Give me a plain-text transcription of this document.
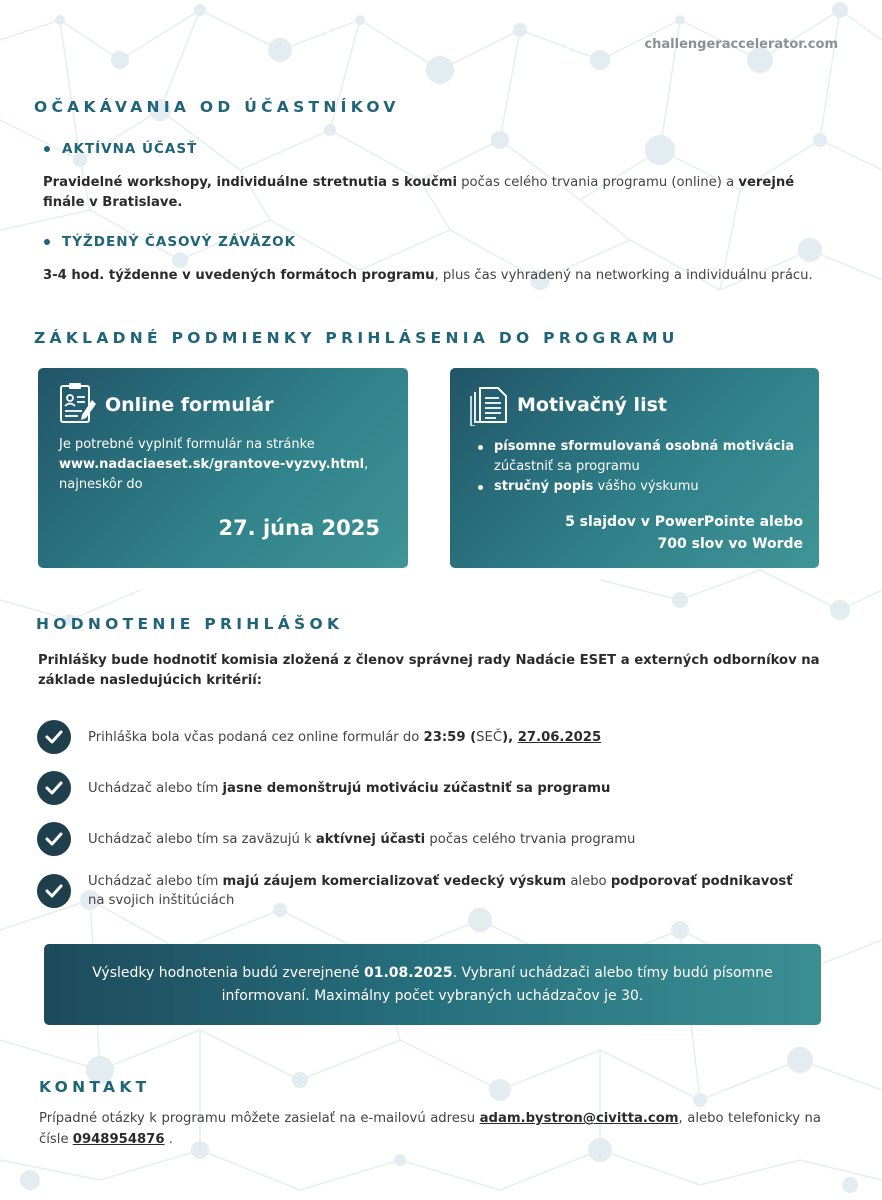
challengeraccelerator.com
OČAKÁVANIA OD ÚČASTNÍKOV
AKTÍVNA ÚČASŤ
Pravidelné workshopy, individuálne stretnutia s koučmi počas celého trvania programu (online) a verejné finále v Bratislave.
TÝŽDENÝ ČASOVÝ ZÁVÄZOK
3-4 hod. týždenne v uvedených formátoch programu, plus čas vyhradený na networking a individuálnu prácu.
ZÁKLADNÉ PODMIENKY PRIHLÁSENIA DO PROGRAMU
Online formulár
Je potrebné vyplniť formulár na stránke
www.nadaciaeset.sk/grantove-vyzvy.html,
najneskôr do
27. júna 2025
Motivačný list
písomne sformulovaná osobná motivácia
zúčastniť sa programu
stručný popis vášho výskumu
5 slajdov v PowerPointe alebo
700 slov vo Worde
HODNOTENIE PRIHLÁŠOK
Prihlášky bude hodnotiť komisia zložená z členov správnej rady Nadácie ESET a externých odborníkov na základe nasledujúcich kritérií:
Prihláška bola včas podaná cez online formulár do 23:59 (SEČ), 27.06.2025
Uchádzač alebo tím jasne demonštrujú motiváciu zúčastniť sa programu
Uchádzač alebo tím sa zaväzujú k aktívnej účasti počas celého trvania programu
Uchádzač alebo tím majú záujem komercializovať vedecký výskum alebo podporovať podnikavosť
na svojich inštitúciách
Výsledky hodnotenia budú zverejnené 01.08.2025. Vybraní uchádzači alebo tímy budú písomne informovaní. Maximálny počet vybraných uchádzačov je 30.
KONTAKT
Prípadné otázky k programu môžete zasielať na e-mailovú adresu adam.bystron@civitta.com, alebo telefonicky na čísle 0948954876 .
